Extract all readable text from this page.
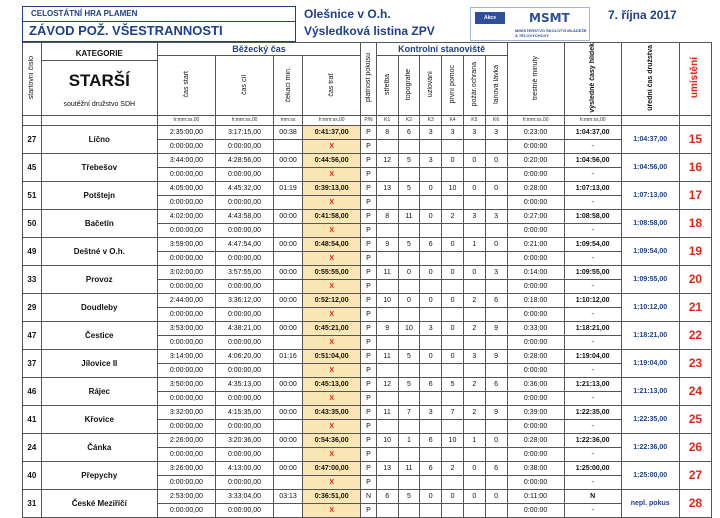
CELOSTÁTNÍ HRA PLAMEN
ZÁVOD POŽ. VŠESTRANNOSTI
Olešnice v O.h.
Výsledková listina ZPV
Akce podpořena
MSMT
MINISTERSTVO ŠKOLSTVÍ MLÁDEŽE A TĚLOVÝCHOVY
7. října 2017
startovní číslo	KATEGORIE
STARŠÍ
soutěžní družstvo SDH	Běžecký čas				platnost pokusu	Kontrolní stanoviště						trestné minuty	výsledné časy hlídek	úřední čas družstva	umístění
		čas start	čas cíl	čekací min.	čas trať		střelba	topografie	uzlování	první pomoc	požár.ochrana	lanová lávka				
		h:mm:ss,00	h:mm:ss,00	mm:ss	h:mm:ss,00	P/N	K1	K2	K3	K4	K5	K6	h:mm:ss,00	h:mm:ss,00		
27	Líčno	2:35:00,00	3:17:15,00	00:38	0:41:37,00	P	8	6	3	3	3	3	0:23:00	1:04:37,00	1:04:37,00	15
		0:00:00,00	0:00:00,00		X	P							0:00:00	-		
45	Třebešov	3:44:00,00	4:28:56,00	00:00	0:44:56,00	P	12	5	3	0	0	0	0:20:00	1:04:56,00	1:04:56,00	16
		0:00:00,00	0:00:00,00		X	P							0:00:00	-		
51	Potštejn	4:05:00,00	4:45:32,00	01:19	0:39:13,00	P	13	5	0	10	0	0	0:28:00	1:07:13,00	1:07:13,00	17
		0:00:00,00	0:00:00,00		X	P							0:00:00	-		
50	Bačetín	4:02:00,00	4:43:58,00	00:00	0:41:58,00	P	8	11	0	2	3	3	0:27:00	1:08:58,00	1:08:58,00	18
		0:00:00,00	0:00:00,00		X	P							0:00:00	-		
49	Deštné v O.h.	3:59:00,00	4:47:54,00	00:00	0:48:54,00	P	9	5	6	0	1	0	0:21:00	1:09:54,00	1:09:54,00	19
		0:00:00,00	0:00:00,00		X	P							0:00:00	-		
33	Provoz	3:02:00,00	3:57:55,00	00:00	0:55:55,00	P	11	0	0	0	0	3	0:14:00	1:09:55,00	1:09:55,00	20
		0:00:00,00	0:00:00,00		X	P							0:00:00	-		
29	Doudleby	2:44:00,00	3:36:12,00	00:00	0:52:12,00	P	10	0	0	0	2	6	0:18:00	1:10:12,00	1:10:12,00	21
		0:00:00,00	0:00:00,00		X	P							0:00:00	-		
47	Čestice	3:53:00,00	4:38:21,00	00:00	0:45:21,00	P	9	10	3	0	2	9	0:33:00	1:18:21,00	1:18:21,00	22
		0:00:00,00	0:00:00,00		X	P							0:00:00	-		
37	Jílovice II	3:14:00,00	4:06:20,00	01:16	0:51:04,00	P	11	5	0	0	3	9	0:28:00	1:19:04,00	1:19:04,00	23
		0:00:00,00	0:00:00,00		X	P							0:00:00	-		
46	Rájec	3:50:00,00	4:35:13,00	00:00	0:45:13,00	P	12	5	6	5	2	6	0:36:00	1:21:13,00	1:21:13,00	24
		0:00:00,00	0:00:00,00		X	P							0:00:00	-		
41	Křovice	3:32:00,00	4:15:35,00	00:00	0:43:35,00	P	11	7	3	7	2	9	0:39:00	1:22:35,00	1:22:35,00	25
		0:00:00,00	0:00:00,00		X	P							0:00:00	-		
24	Čánka	2:26:00,00	3:20:36,00	00:00	0:54:36,00	P	10	1	6	10	1	0	0:28:00	1:22:36,00	1:22:36,00	26
		0:00:00,00	0:00:00,00		X	P							0:00:00	-		
40	Přepychy	3:26:00,00	4:13:00,00	00:00	0:47:00,00	P	13	11	6	2	0	6	0:38:00	1:25:00,00	1:25:00,00	27
		0:00:00,00	0:00:00,00		X	P							0:00:00	-		
31	České Meziříčí	2:53:00,00	3:33:04,00	03:13	0:36:51,00	N	6	5	0	0	0	0	0:11:00	N	nepl. pokus	28
		0:00:00,00	0:00:00,00		X	P							0:00:00	-		
